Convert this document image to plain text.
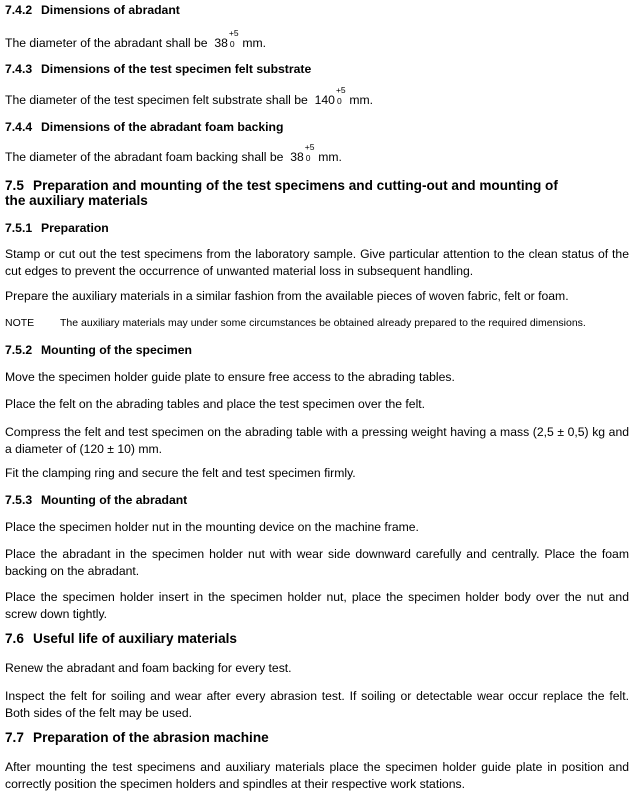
7.4.2 Dimensions of abradant
The diameter of the abradant shall be 38
+5
0 mm.
7.4.3 Dimensions of the test specimen felt substrate
The diameter of the test specimen felt substrate shall be 140
+5
0 mm.
7.4.4 Dimensions of the abradant foam backing
The diameter of the abradant foam backing shall be 38
+5
0 mm.
7.5 Preparation and mounting of the test specimens and cutting-out and mounting of
the auxiliary materials
7.5.1 Preparation
Stamp or cut out the test specimens from the laboratory sample. Give particular attention to the clean status of the cut edges to prevent the occurrence of unwanted material loss in subsequent handling.
Prepare the auxiliary materials in a similar fashion from the available pieces of woven fabric, felt or foam.
NOTE The auxiliary materials may under some circumstances be obtained already prepared to the required dimensions.
7.5.2 Mounting of the specimen
Move the specimen holder guide plate to ensure free access to the abrading tables.
Place the felt on the abrading tables and place the test specimen over the felt.
Compress the felt and test specimen on the abrading table with a pressing weight having a mass (2,5 ± 0,5) kg and a diameter of (120 ± 10) mm.
Fit the clamping ring and secure the felt and test specimen firmly.
7.5.3 Mounting of the abradant
Place the specimen holder nut in the mounting device on the machine frame.
Place the abradant in the specimen holder nut with wear side downward carefully and centrally. Place the foam backing on the abradant.
Place the specimen holder insert in the specimen holder nut, place the specimen holder body over the nut and screw down tightly.
7.6 Useful life of auxiliary materials
Renew the abradant and foam backing for every test.
Inspect the felt for soiling and wear after every abrasion test. If soiling or detectable wear occur replace the felt. Both sides of the felt may be used.
7.7 Preparation of the abrasion machine
After mounting the test specimens and auxiliary materials place the specimen holder guide plate in position and correctly position the specimen holders and spindles at their respective work stations.
